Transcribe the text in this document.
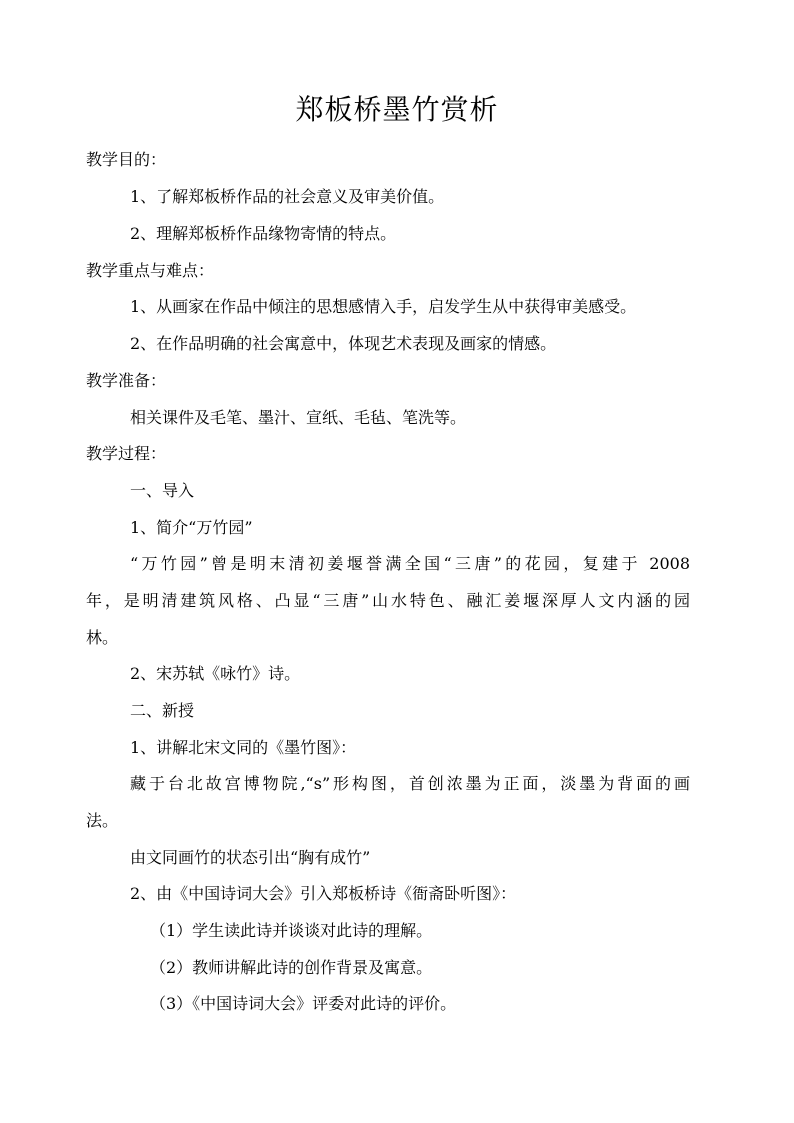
郑板桥墨竹赏析
教学目的：
1、了解郑板桥作品的社会意义及审美价值。
2、理解郑板桥作品缘物寄情的特点。
教学重点与难点：
1、从画家在作品中倾注的思想感情入手，启发学生从中获得审美感受。
2、在作品明确的社会寓意中，体现艺术表现及画家的情感。
教学准备：
相关课件及毛笔、墨汁、宣纸、毛毡、笔洗等。
教学过程：
一、导入
1、简介“万竹园”
“万竹园”曾是明末清初姜堰誉满全国“三唐”的花园，复建于 2008
年，是明清建筑风格、凸显“三唐”山水特色、融汇姜堰深厚人文内涵的园
林。
2、宋苏轼《咏竹》诗。
二、新授
1、讲解北宋文同的《墨竹图》：
藏于台北故宫博物院,“s”形构图，首创浓墨为正面，淡墨为背面的画
法。
由文同画竹的状态引出“胸有成竹”
2、由《中国诗词大会》引入郑板桥诗《衙斋卧听图》：
（1）学生读此诗并谈谈对此诗的理解。
（2）教师讲解此诗的创作背景及寓意。
（3）《中国诗词大会》评委对此诗的评价。
